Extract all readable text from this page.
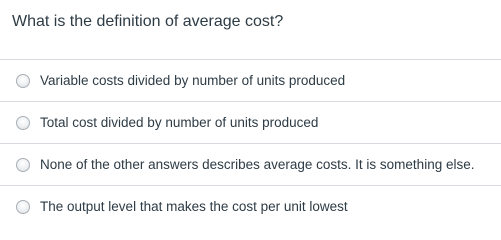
What is the definition of average cost?
Variable costs divided by number of units produced
Total cost divided by number of units produced
None of the other answers describes average costs. It is something else.
The output level that makes the cost per unit lowest
